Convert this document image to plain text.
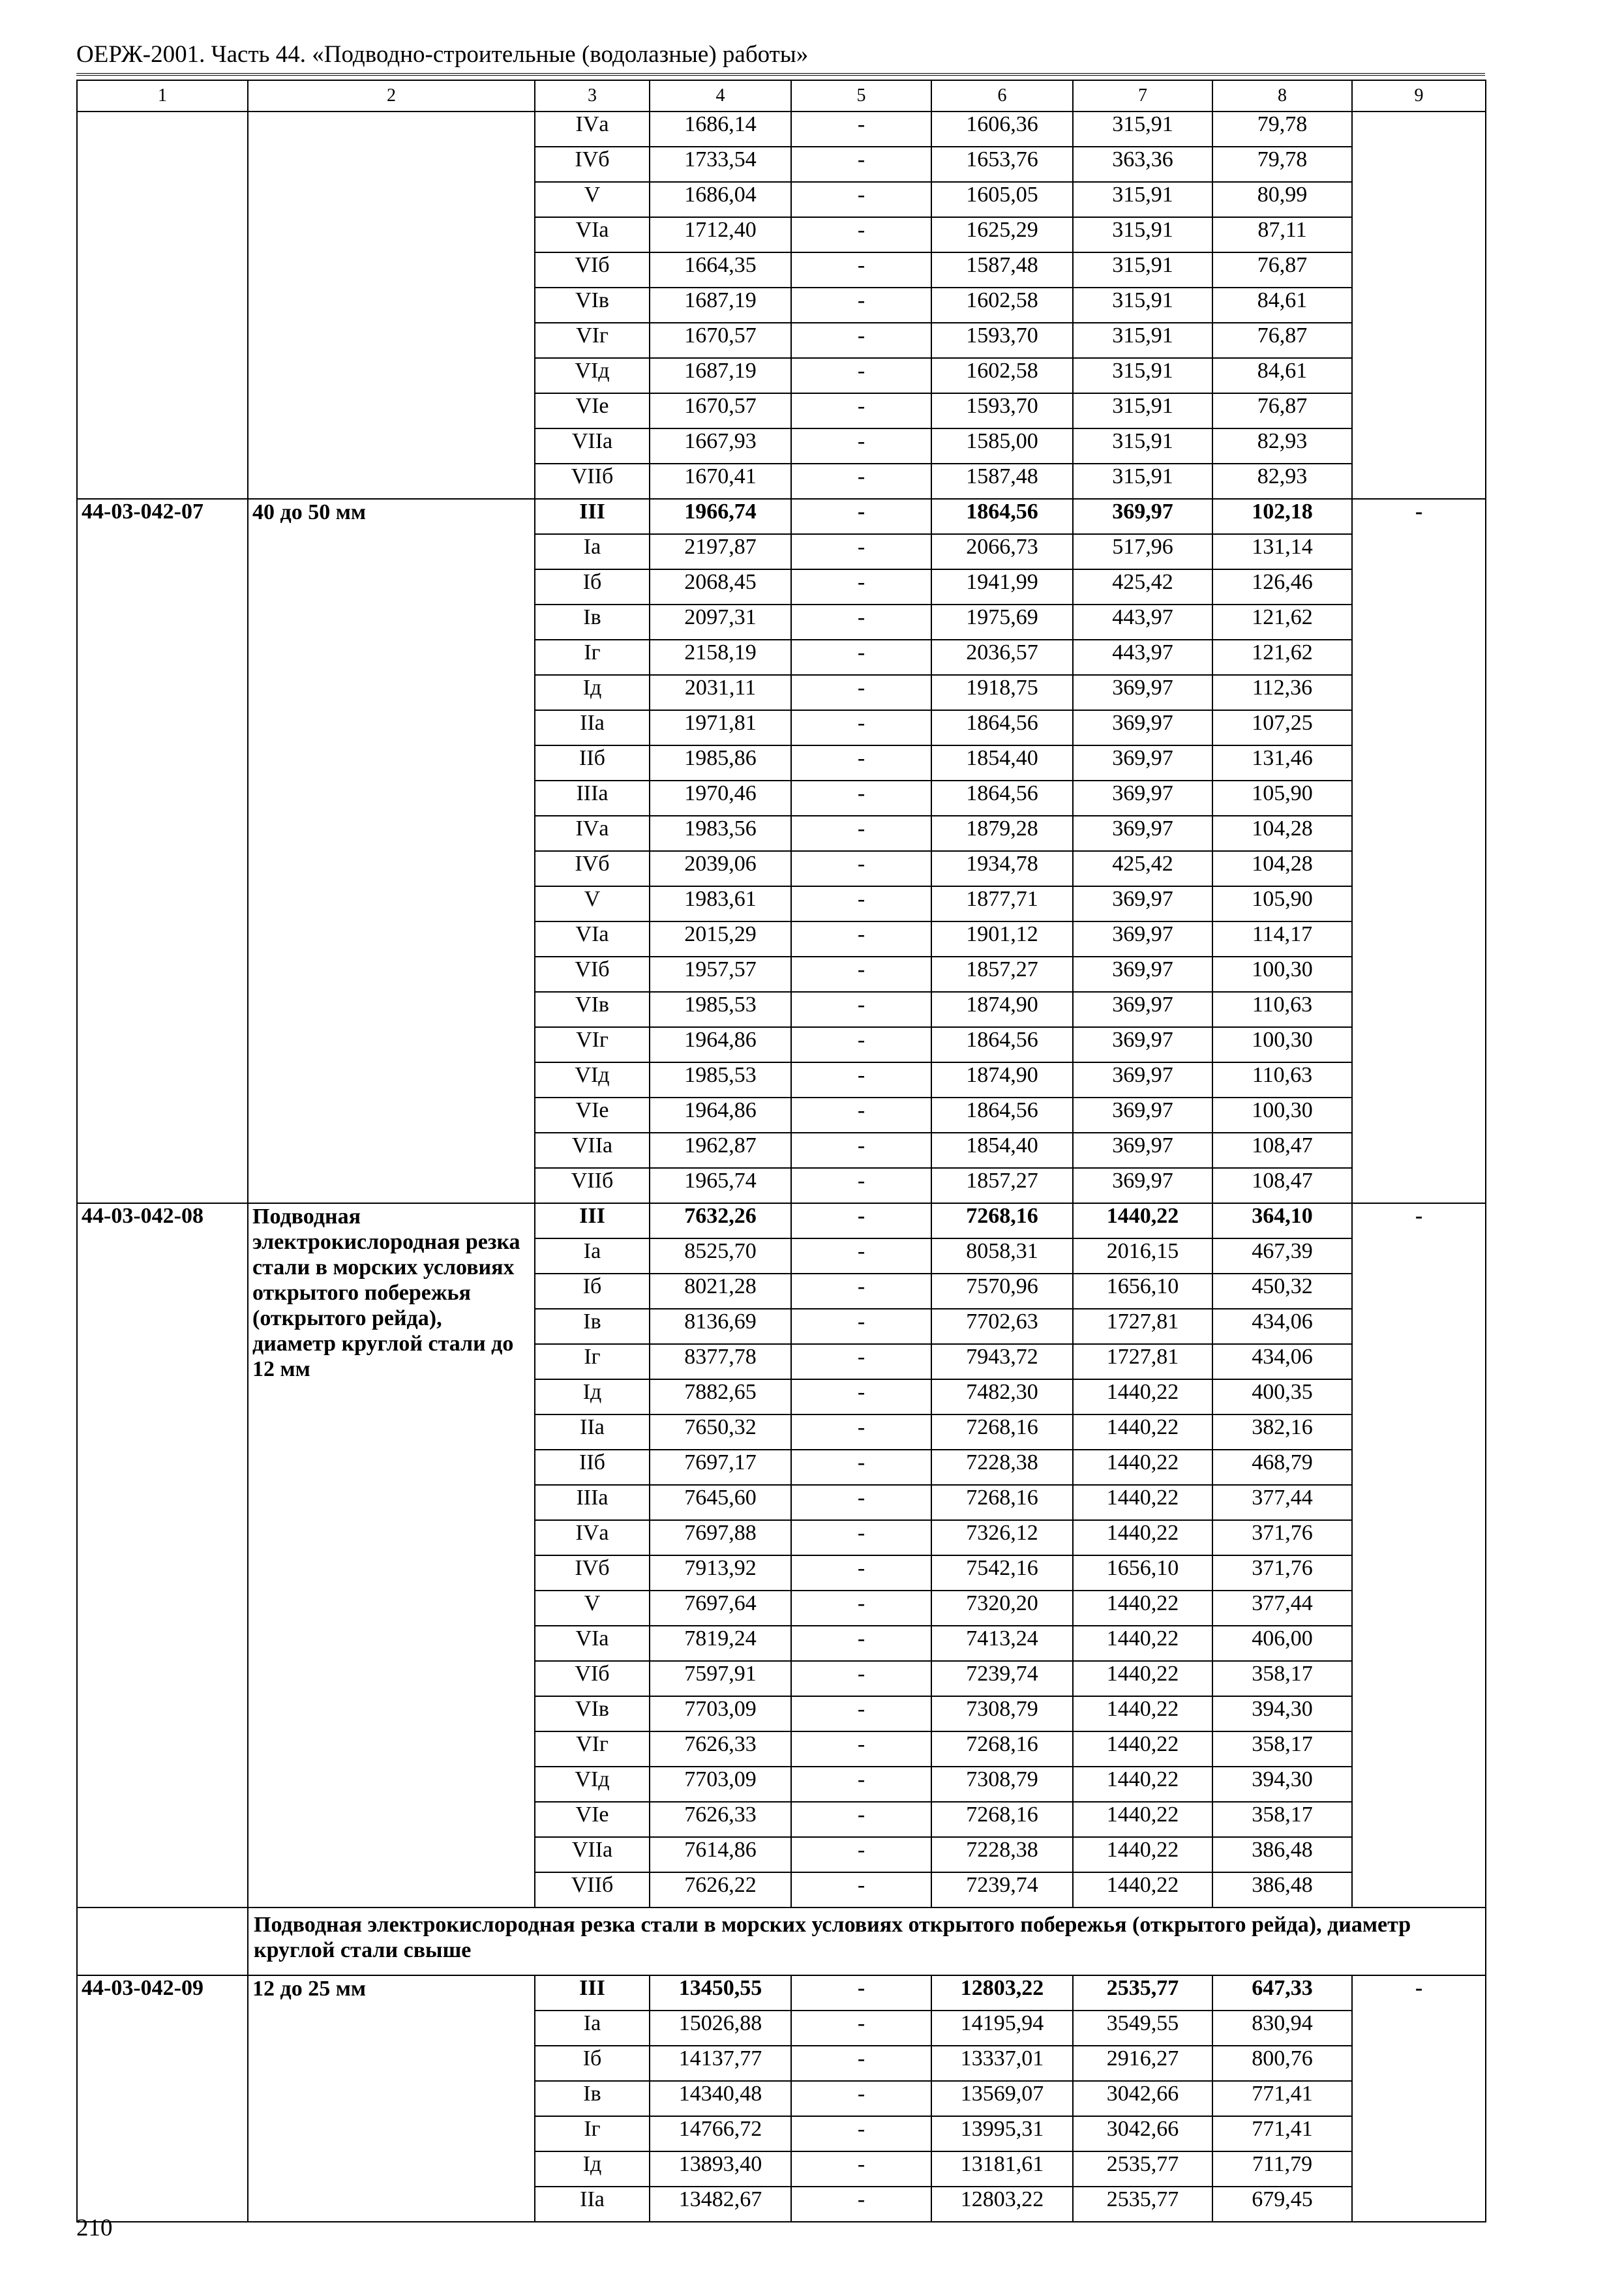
ОЕРЖ-2001. Часть 44. «Подводно-строительные (водолазные) работы»
1	2	3	4	5	6	7	8	9
		IVа	1686,14	-	1606,36	315,91	79,78	
		IVб	1733,54	-	1653,76	363,36	79,78	
		V	1686,04	-	1605,05	315,91	80,99	
		VIа	1712,40	-	1625,29	315,91	87,11	
		VIб	1664,35	-	1587,48	315,91	76,87	
		VIв	1687,19	-	1602,58	315,91	84,61	
		VIг	1670,57	-	1593,70	315,91	76,87	
		VIд	1687,19	-	1602,58	315,91	84,61	
		VIе	1670,57	-	1593,70	315,91	76,87	
		VIIа	1667,93	-	1585,00	315,91	82,93	
		VIIб	1670,41	-	1587,48	315,91	82,93	
44-03-042-07	40 до 50 мм	III	1966,74	-	1864,56	369,97	102,18	-
		Iа	2197,87	-	2066,73	517,96	131,14	
		Iб	2068,45	-	1941,99	425,42	126,46	
		Iв	2097,31	-	1975,69	443,97	121,62	
		Iг	2158,19	-	2036,57	443,97	121,62	
		Iд	2031,11	-	1918,75	369,97	112,36	
		IIа	1971,81	-	1864,56	369,97	107,25	
		IIб	1985,86	-	1854,40	369,97	131,46	
		IIIа	1970,46	-	1864,56	369,97	105,90	
		IVа	1983,56	-	1879,28	369,97	104,28	
		IVб	2039,06	-	1934,78	425,42	104,28	
		V	1983,61	-	1877,71	369,97	105,90	
		VIа	2015,29	-	1901,12	369,97	114,17	
		VIб	1957,57	-	1857,27	369,97	100,30	
		VIв	1985,53	-	1874,90	369,97	110,63	
		VIг	1964,86	-	1864,56	369,97	100,30	
		VIд	1985,53	-	1874,90	369,97	110,63	
		VIе	1964,86	-	1864,56	369,97	100,30	
		VIIа	1962,87	-	1854,40	369,97	108,47	
		VIIб	1965,74	-	1857,27	369,97	108,47	
44-03-042-08	Подводная электрокислородная резка стали в морских условиях открытого побережья (открытого рейда), диаметр круглой стали до 12 мм	III	7632,26	-	7268,16	1440,22	364,10	-
		Iа	8525,70	-	8058,31	2016,15	467,39	
		Iб	8021,28	-	7570,96	1656,10	450,32	
		Iв	8136,69	-	7702,63	1727,81	434,06	
		Iг	8377,78	-	7943,72	1727,81	434,06	
		Iд	7882,65	-	7482,30	1440,22	400,35	
		IIа	7650,32	-	7268,16	1440,22	382,16	
		IIб	7697,17	-	7228,38	1440,22	468,79	
		IIIа	7645,60	-	7268,16	1440,22	377,44	
		IVа	7697,88	-	7326,12	1440,22	371,76	
		IVб	7913,92	-	7542,16	1656,10	371,76	
		V	7697,64	-	7320,20	1440,22	377,44	
		VIа	7819,24	-	7413,24	1440,22	406,00	
		VIб	7597,91	-	7239,74	1440,22	358,17	
		VIв	7703,09	-	7308,79	1440,22	394,30	
		VIг	7626,33	-	7268,16	1440,22	358,17	
		VIд	7703,09	-	7308,79	1440,22	394,30	
		VIе	7626,33	-	7268,16	1440,22	358,17	
		VIIа	7614,86	-	7228,38	1440,22	386,48	
		VIIб	7626,22	-	7239,74	1440,22	386,48	
	Подводная электрокислородная резка стали в морских условиях открытого побережья (открытого рейда), диаметр круглой стали свыше							
44-03-042-09	12 до 25 мм	III	13450,55	-	12803,22	2535,77	647,33	-
		Iа	15026,88	-	14195,94	3549,55	830,94	
		Iб	14137,77	-	13337,01	2916,27	800,76	
		Iв	14340,48	-	13569,07	3042,66	771,41	
		Iг	14766,72	-	13995,31	3042,66	771,41	
		Iд	13893,40	-	13181,61	2535,77	711,79	
		IIа	13482,67	-	12803,22	2535,77	679,45	
210
